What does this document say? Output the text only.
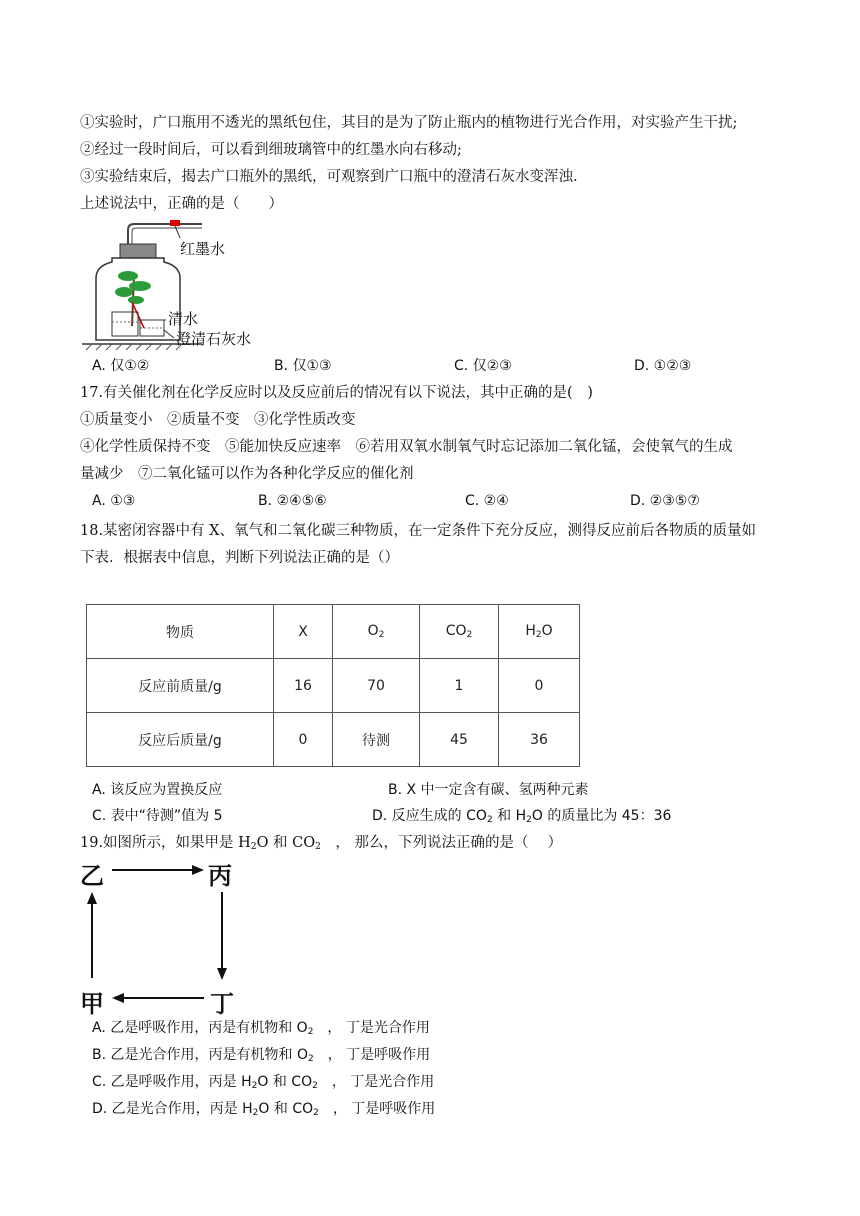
①实验时，广口瓶用不透光的黑纸包住，其目的是为了防止瓶内的植物进行光合作用，对实验产生干扰;
②经过一段时间后，可以看到细玻璃管中的红墨水向右移动;
③实验结束后，揭去广口瓶外的黑纸，可观察到广口瓶中的澄清石灰水变浑浊.
上述说法中，正确的是（　　）
红墨水
清水
澄清石灰水
A. 仅①②	B. 仅①③	C. 仅②③	D. ①②③
17.有关催化剂在化学反应时以及反应前后的情况有以下说法，其中正确的是(　)
①质量变小　②质量不变　③化学性质改变
④化学性质保持不变　⑤能加快反应速率　⑥若用双氧水制氧气时忘记添加二氧化锰，会使氧气的生成
量减少　⑦二氧化锰可以作为各种化学反应的催化剂
A. ①③	B. ②④⑤⑥	C. ②④	D. ②③⑤⑦
18.某密闭容器中有 X、氧气和二氧化碳三种物质，在一定条件下充分反应，测得反应前后各物质的质量如
下表．根据表中信息，判断下列说法正确的是（）
物质	X	$O_2$	$CO_2$	$H_2O$
反应前质量/g	16	70	1	0
反应后质量/g	0	待测	45	36
A. 该反应为置换反应	B. X 中一定含有碳、氢两种元素
C. 表中“待测”值为 5	D. 反应生成的 $CO_2$ 和 $H_2O$ 的质量比为 45：36
19.如图所示，如果甲是 $H_2O$ 和 $CO_2$　， 那么，下列说法正确的是（　 ）
乙	丙
甲	丁
A. 乙是呼吸作用，丙是有机物和 $O_2$　， 丁是光合作用
B. 乙是光合作用，丙是有机物和 $O_2$　， 丁是呼吸作用
C. 乙是呼吸作用，丙是 $H_2O$ 和 $CO_2$　， 丁是光合作用
D. 乙是光合作用，丙是 $H_2O$ 和 $CO_2$　， 丁是呼吸作用
